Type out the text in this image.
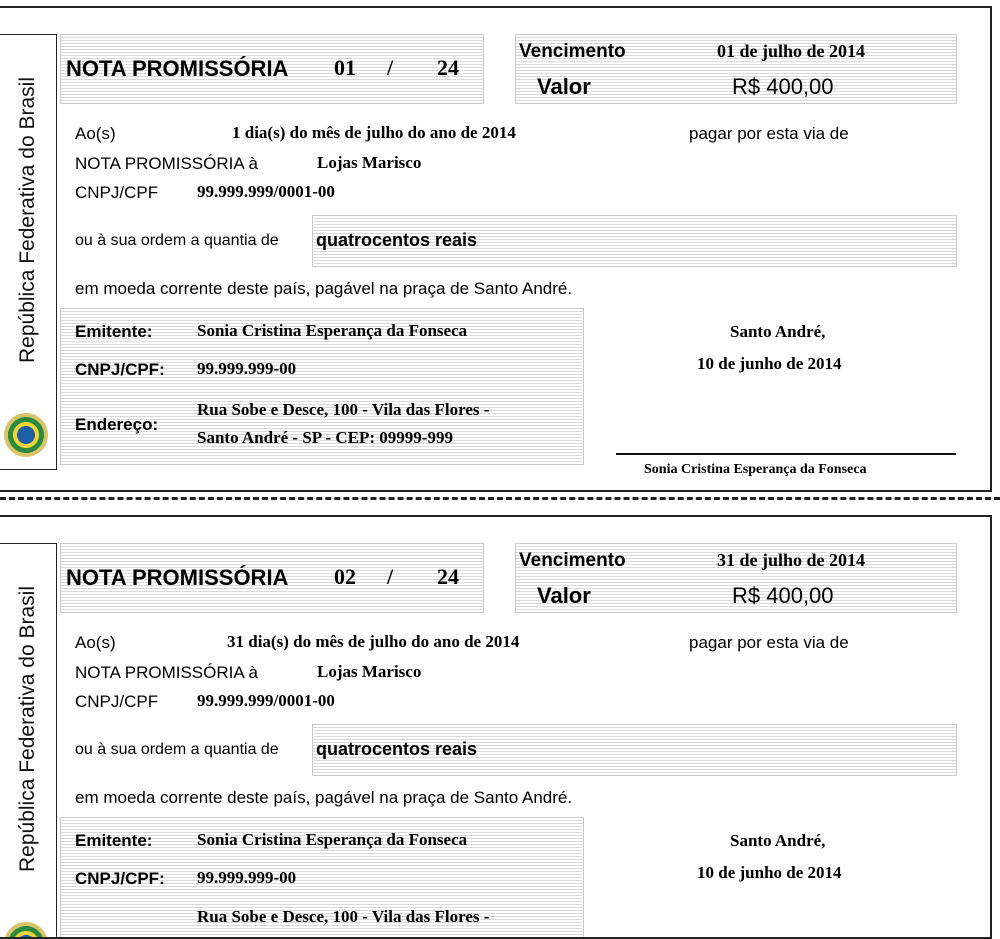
República Federativa do Brasil
NOTA PROMISSÓRIA 01 / 24
Vencimento	01 de julho de 2014
Valor	R$ 400,00
Ao(s)	1 dia(s) do mês de julho do ano de 2014	pagar por esta via de
NOTA PROMISSÓRIA à	Lojas Marisco
CNPJ/CPF 99.999.999/0001-00
ou à sua ordem a quantia de quatrocentos reais
em moeda corrente deste país, pagável na praça de Santo André.
Emitente:	Sonia Cristina Esperança da Fonseca
CNPJ/CPF: 99.999.999-00
Endereço:
Rua Sobe e Desce, 100 - Vila das Flores -
Santo André - SP - CEP: 09999-999
Santo André,
10 de junho de 2014
Sonia Cristina Esperança da Fonseca
República Federativa do Brasil
NOTA PROMISSÓRIA 02 / 24
Vencimento	31 de julho de 2014
Valor	R$ 400,00
Ao(s)	31 dia(s) do mês de julho do ano de 2014	pagar por esta via de
NOTA PROMISSÓRIA à	Lojas Marisco
CNPJ/CPF 99.999.999/0001-00
ou à sua ordem a quantia de quatrocentos reais
em moeda corrente deste país, pagável na praça de Santo André.
Emitente:	Sonia Cristina Esperança da Fonseca
CNPJ/CPF: 99.999.999-00
Rua Sobe e Desce, 100 - Vila das Flores -
Santo André,
10 de junho de 2014
